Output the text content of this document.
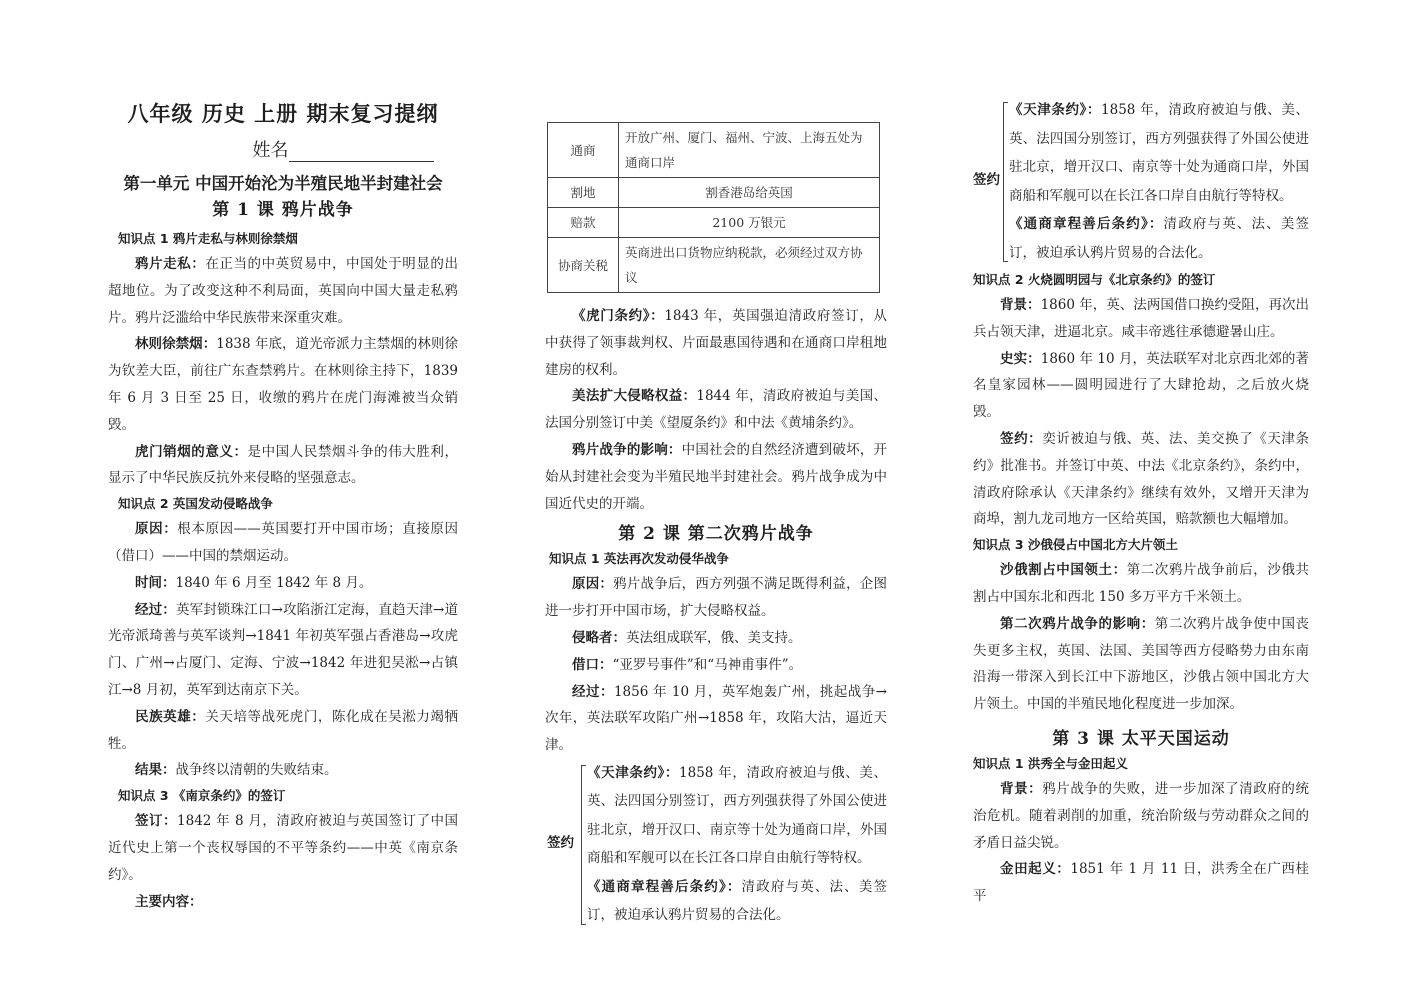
八年级 历史 上册 期末复习提纲
姓名
第一单元 中国开始沦为半殖民地半封建社会
第 1 课 鸦片战争
知识点 1 鸦片走私与林则徐禁烟

鸦片走私：在正当的中英贸易中，中国处于明显的出超地位。为了改变这种不利局面，英国向中国大量走私鸦片。鸦片泛滥给中华民族带来深重灾难。

林则徐禁烟：1838 年底，道光帝派力主禁烟的林则徐为钦差大臣，前往广东查禁鸦片。在林则徐主持下，1839 年 6 月 3 日至 25 日，收缴的鸦片在虎门海滩被当众销毁。

虎门销烟的意义：是中国人民禁烟斗争的伟大胜利，显示了中华民族反抗外来侵略的坚强意志。

知识点 2 英国发动侵略战争

原因：根本原因——英国要打开中国市场；直接原因（借口）——中国的禁烟运动。

时间：1840 年 6 月至 1842 年 8 月。

经过：英军封锁珠江口→攻陷浙江定海，直趋天津→道光帝派琦善与英军谈判→1841 年初英军强占香港岛→攻虎门、广州→占厦门、定海、宁波→1842 年进犯吴淞→占镇江→8 月初，英军到达南京下关。

民族英雄：关天培等战死虎门，陈化成在吴淞力竭牺牲。

结果：战争终以清朝的失败结束。

知识点 3 《南京条约》的签订

签订：1842 年 8 月，清政府被迫与英国签订了中国近代史上第一个丧权辱国的不平等条约——中英《南京条约》。

主要内容：

通商	开放广州、厦门、福州、宁波、上海五处为通商口岸
割地	割香港岛给英国
赔款	2100 万银元
协商关税	英商进出口货物应纳税款，必须经过双方协议

《虎门条约》：1843 年，英国强迫清政府签订，从中获得了领事裁判权、片面最惠国待遇和在通商口岸租地建房的权利。

美法扩大侵略权益：1844 年，清政府被迫与美国、法国分别签订中美《望厦条约》和中法《黄埔条约》。

鸦片战争的影响：中国社会的自然经济遭到破坏，开始从封建社会变为半殖民地半封建社会。鸦片战争成为中国近代史的开端。

第 2 课 第二次鸦片战争
知识点 1 英法再次发动侵华战争

原因：鸦片战争后，西方列强不满足既得利益，企图进一步打开中国市场，扩大侵略权益。

侵略者：英法组成联军，俄、美支持。

借口：“亚罗号事件”和“马神甫事件”。

经过：1856 年 10 月，英军炮轰广州，挑起战争→次年，英法联军攻陷广州→1858 年，攻陷大沽，逼近天津。

签约

《天津条约》：1858 年，清政府被迫与俄、美、英、法四国分别签订，西方列强获得了外国公使进驻北京，增开汉口、南京等十处为通商口岸，外国商船和军舰可以在长江各口岸自由航行等特权。

《通商章程善后条约》：清政府与英、法、美签订，被迫承认鸦片贸易的合法化。

签约

《天津条约》：1858 年，清政府被迫与俄、美、英、法四国分别签订，西方列强获得了外国公使进驻北京，增开汉口、南京等十处为通商口岸，外国商船和军舰可以在长江各口岸自由航行等特权。

《通商章程善后条约》：清政府与英、法、美签订，被迫承认鸦片贸易的合法化。

知识点 2 火烧圆明园与《北京条约》的签订

背景：1860 年，英、法两国借口换约受阻，再次出兵占领天津，进逼北京。咸丰帝逃往承德避暑山庄。

史实：1860 年 10 月，英法联军对北京西北郊的著名皇家园林——圆明园进行了大肆抢劫，之后放火烧毁。

签约：奕䜣被迫与俄、英、法、美交换了《天津条约》批准书。并签订中英、中法《北京条约》，条约中，清政府除承认《天津条约》继续有效外，又增开天津为商埠，割九龙司地方一区给英国，赔款额也大幅增加。

知识点 3 沙俄侵占中国北方大片领土

沙俄割占中国领土：第二次鸦片战争前后，沙俄共割占中国东北和西北 150 多万平方千米领土。

第二次鸦片战争的影响：第二次鸦片战争使中国丧失更多主权，英国、法国、美国等西方侵略势力由东南沿海一带深入到长江中下游地区，沙俄占领中国北方大片领土。中国的半殖民地化程度进一步加深。

第 3 课 太平天国运动
知识点 1 洪秀全与金田起义

背景：鸦片战争的失败，进一步加深了清政府的统治危机。随着剥削的加重，统治阶级与劳动群众之间的矛盾日益尖锐。

金田起义：1851 年 1 月 11 日，洪秀全在广西桂平
